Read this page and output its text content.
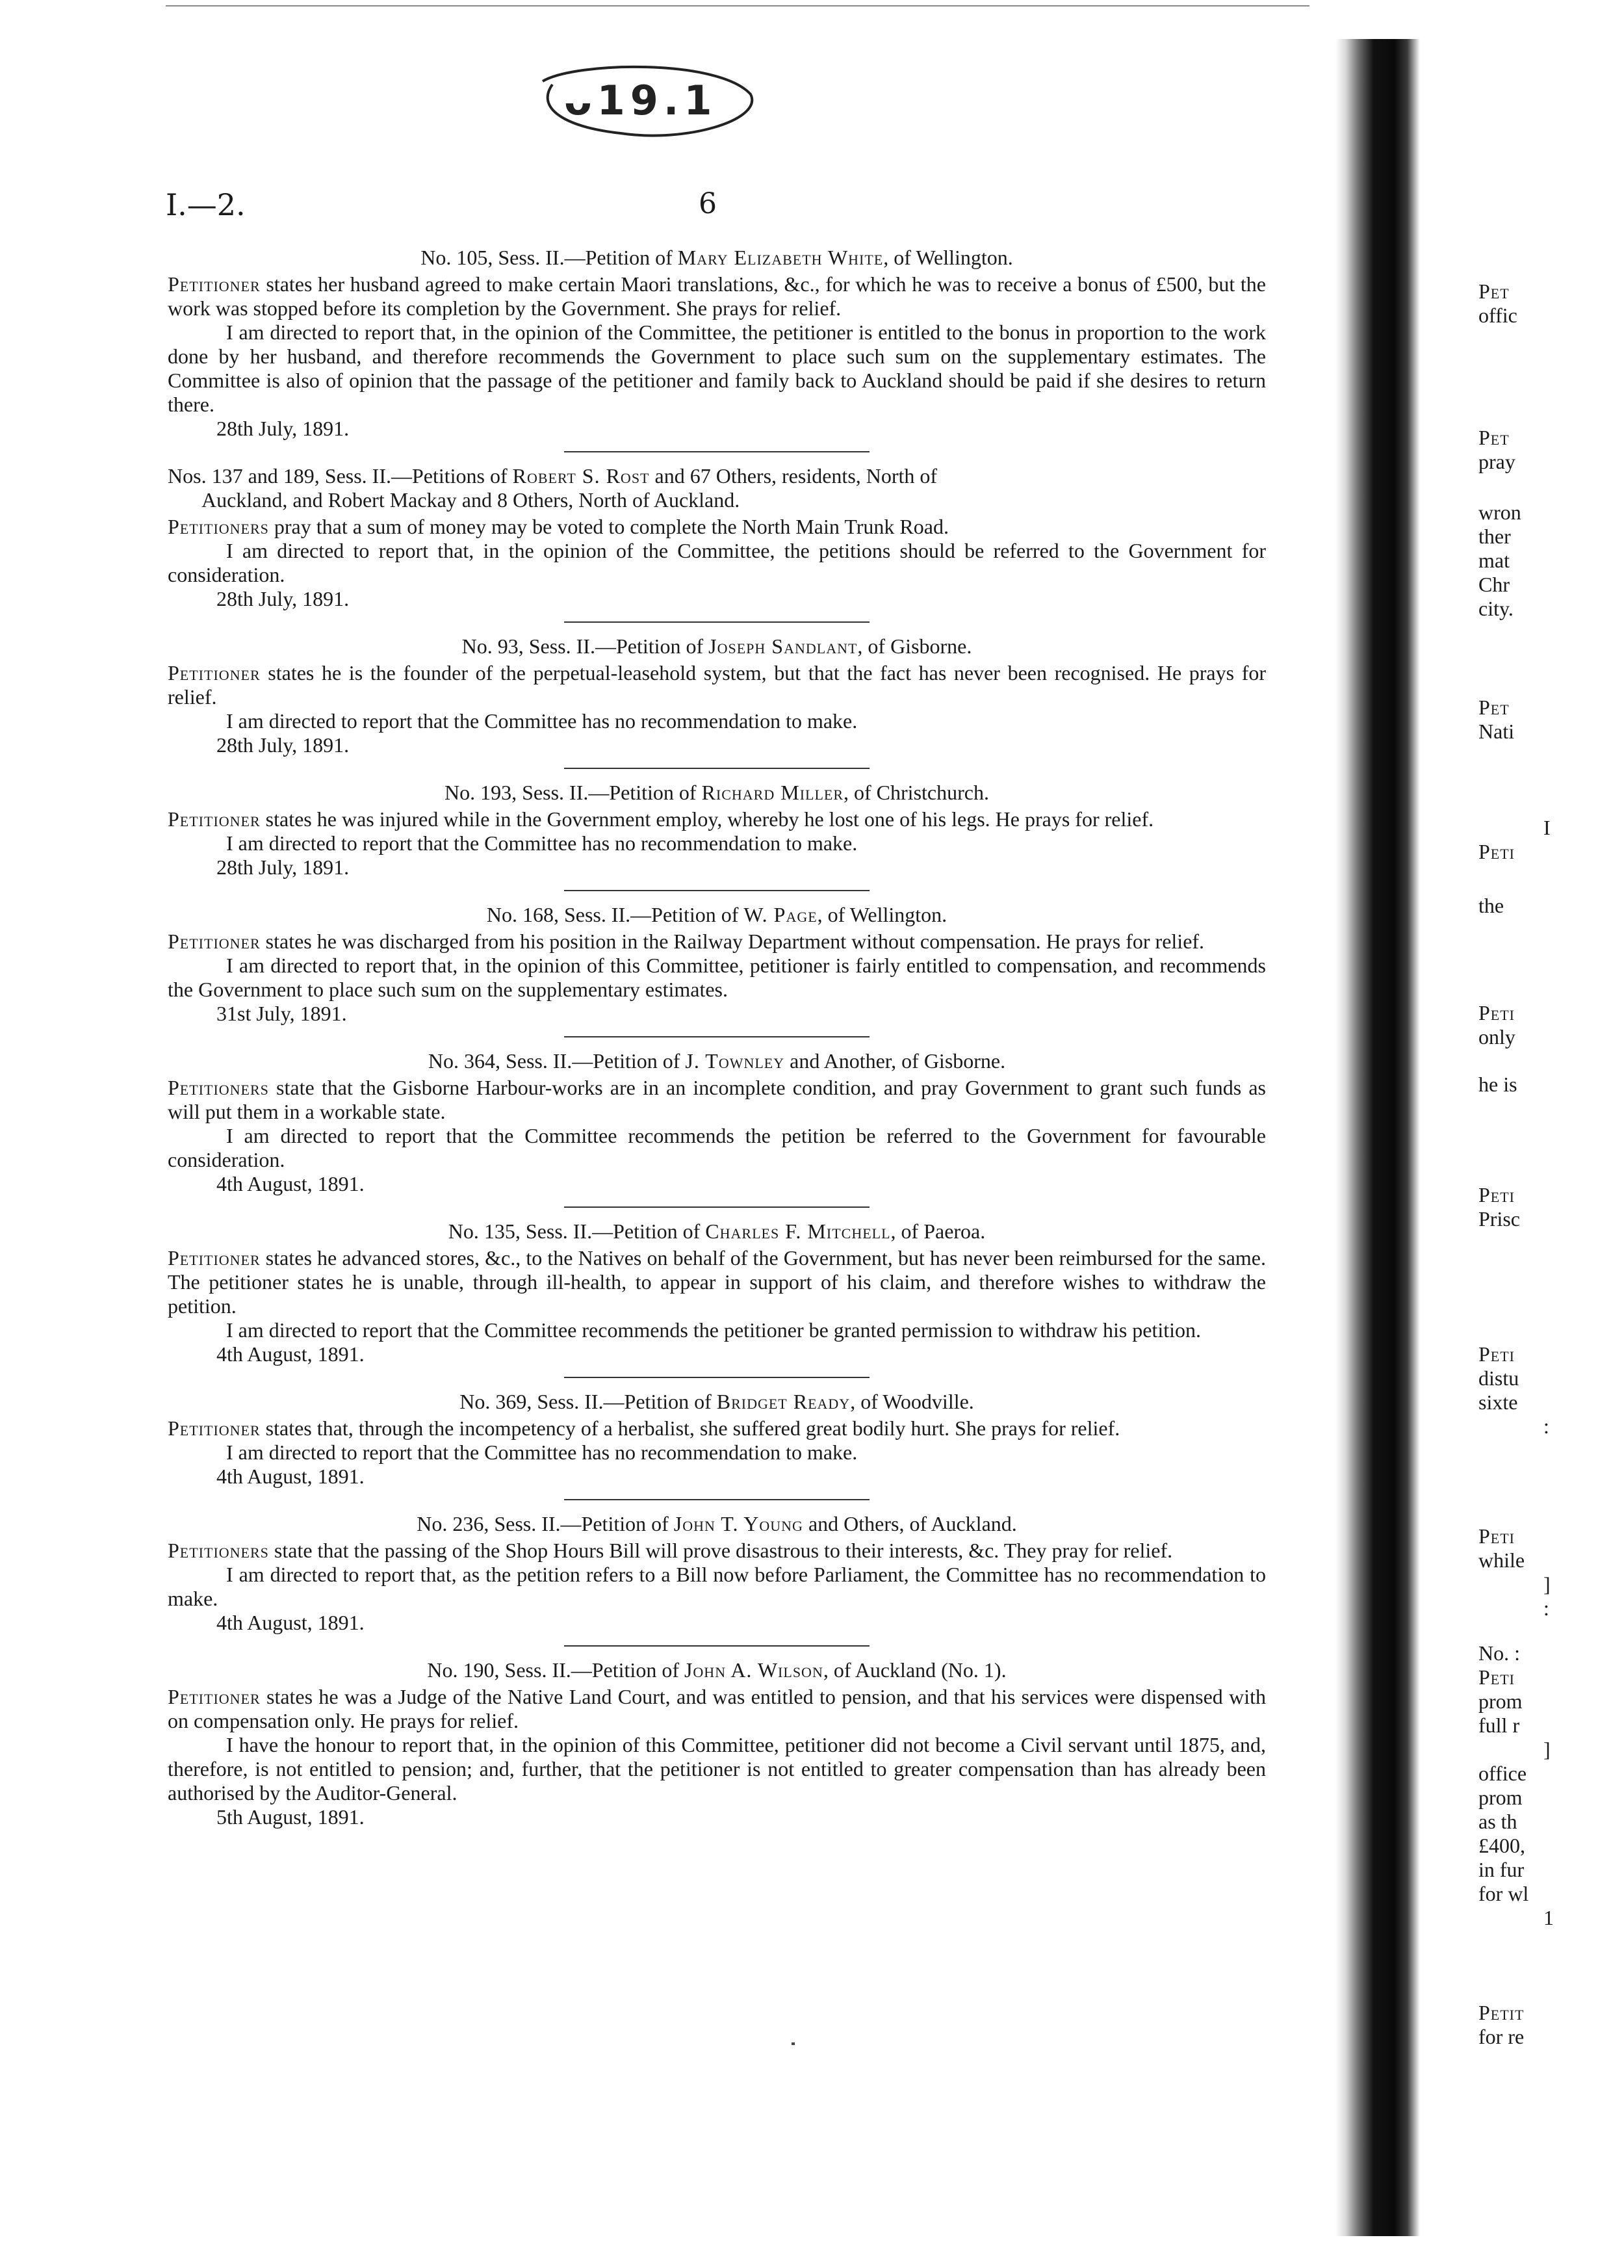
ᴗ19.1
I.—2.	6

No. 105, Sess. II.—Petition of Mary Elizabeth White, of Wellington.

Petitioner states her husband agreed to make certain Maori translations, &c., for which he was to receive a bonus of £500, but the work was stopped before its completion by the Government. She prays for relief.

I am directed to report that, in the opinion of the Committee, the petitioner is entitled to the bonus in proportion to the work done by her husband, and therefore recommends the Government to place such sum on the supplementary estimates. The Committee is also of opinion that the passage of the petitioner and family back to Auckland should be paid if she desires to return there.

28th July, 1891.

Nos. 137 and 189, Sess. II.—Petitions of Robert S. Rost and 67 Others, residents, North of
Auckland, and Robert Mackay and 8 Others, North of Auckland.

Petitioners pray that a sum of money may be voted to complete the North Main Trunk Road.

I am directed to report that, in the opinion of the Committee, the petitions should be referred to the Government for consideration.

28th July, 1891.

No. 93, Sess. II.—Petition of Joseph Sandlant, of Gisborne.

Petitioner states he is the founder of the perpetual-leasehold system, but that the fact has never been recognised. He prays for relief.

I am directed to report that the Committee has no recommendation to make.

28th July, 1891.

No. 193, Sess. II.—Petition of Richard Miller, of Christchurch.

Petitioner states he was injured while in the Government employ, whereby he lost one of his legs. He prays for relief.

I am directed to report that the Committee has no recommendation to make.

28th July, 1891.

No. 168, Sess. II.—Petition of W. Page, of Wellington.

Petitioner states he was discharged from his position in the Railway Department without compensation. He prays for relief.

I am directed to report that, in the opinion of this Committee, petitioner is fairly entitled to compensation, and recommends the Government to place such sum on the supplementary estimates.

31st July, 1891.

No. 364, Sess. II.—Petition of J. Townley and Another, of Gisborne.

Petitioners state that the Gisborne Harbour-works are in an incomplete condition, and pray Government to grant such funds as will put them in a workable state.

I am directed to report that the Committee recommends the petition be referred to the Government for favourable consideration.

4th August, 1891.

No. 135, Sess. II.—Petition of Charles F. Mitchell, of Paeroa.

Petitioner states he advanced stores, &c., to the Natives on behalf of the Government, but has never been reimbursed for the same. The petitioner states he is unable, through ill-health, to appear in support of his claim, and therefore wishes to withdraw the petition.

I am directed to report that the Committee recommends the petitioner be granted permission to withdraw his petition.

4th August, 1891.

No. 369, Sess. II.—Petition of Bridget Ready, of Woodville.

Petitioner states that, through the incompetency of a herbalist, she suffered great bodily hurt. She prays for relief.

I am directed to report that the Committee has no recommendation to make.

4th August, 1891.

No. 236, Sess. II.—Petition of John T. Young and Others, of Auckland.

Petitioners state that the passing of the Shop Hours Bill will prove disastrous to their interests, &c. They pray for relief.

I am directed to report that, as the petition refers to a Bill now before Parliament, the Committee has no recommendation to make.

4th August, 1891.

No. 190, Sess. II.—Petition of John A. Wilson, of Auckland (No. 1).

Petitioner states he was a Judge of the Native Land Court, and was entitled to pension, and that his services were dispensed with on compensation only. He prays for relief.

I have the honour to report that, in the opinion of this Committee, petitioner did not become a Civil servant until 1875, and, therefore, is not entitled to pension; and, further, that the petitioner is not entitled to greater compensation than has already been authorised by the Auditor-General.

5th August, 1891.

Pet
offic
Pet
pray
wron
ther
mat
Chr
city.
Pet
Nati
I
Peti
the
Peti
only
he is
Peti
Prisc
Peti
distu
sixte
:
Peti
while
]
:
No. :
Peti
prom
full r
]
office
prom
as th
£400,
in fur
for wl
1
Petit
for re
